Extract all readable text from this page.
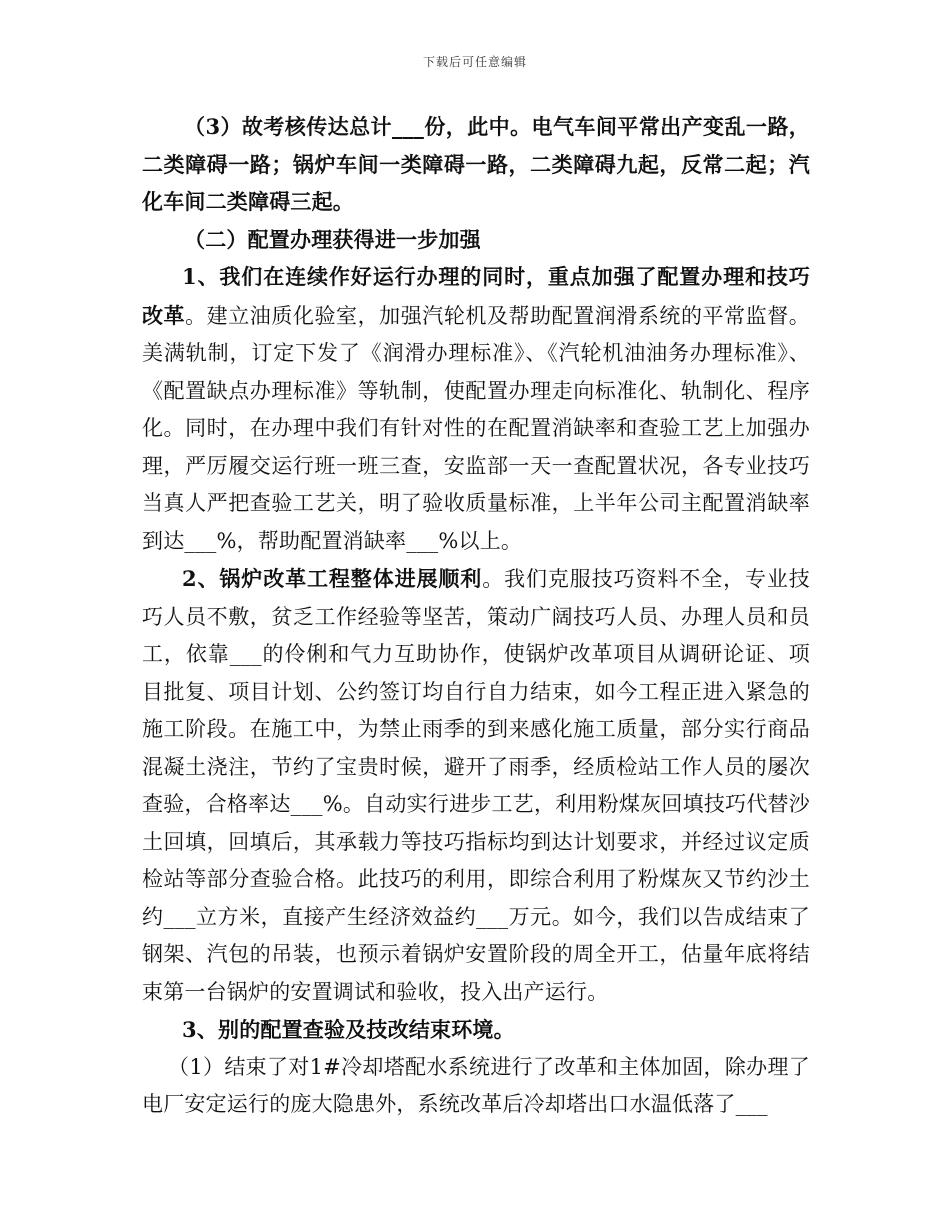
下载后可任意编辑

（3）故考核传达总计___份，此中。电气车间平常出产变乱一路，二类障碍一路；锅炉车间一类障碍一路，二类障碍九起，反常二起；汽化车间二类障碍三起。

（二）配置办理获得进一步加强

1、我们在连续作好运行办理的同时，重点加强了配置办理和技巧改革。建立油质化验室，加强汽轮机及帮助配置润滑系统的平常监督。美满轨制，订定下发了《润滑办理标准》、《汽轮机油油务办理标准》、《配置缺点办理标准》等轨制，使配置办理走向标准化、轨制化、程序化。同时，在办理中我们有针对性的在配置消缺率和查验工艺上加强办理，严厉履交运行班一班三查，安监部一天一查配置状况，各专业技巧当真人严把查验工艺关，明了验收质量标准，上半年公司主配置消缺率到达___%，帮助配置消缺率___%以上。

2、锅炉改革工程整体进展顺利。我们克服技巧资料不全，专业技巧人员不敷，贫乏工作经验等坚苦，策动广阔技巧人员、办理人员和员工，依靠___的伶俐和气力互助协作，使锅炉改革项目从调研论证、项目批复、项目计划、公约签订均自行自力结束，如今工程正进入紧急的施工阶段。在施工中，为禁止雨季的到来感化施工质量，部分实行商品混凝土浇注，节约了宝贵时候，避开了雨季，经质检站工作人员的屡次查验，合格率达___%。自动实行进步工艺，利用粉煤灰回填技巧代替沙土回填，回填后，其承载力等技巧指标均到达计划要求，并经过议定质检站等部分查验合格。此技巧的利用，即综合利用了粉煤灰又节约沙土约___立方米，直接产生经济效益约___万元。如今，我们以告成结束了钢架、汽包的吊装，也预示着锅炉安置阶段的周全开工，估量年底将结束第一台锅炉的安置调试和验收，投入出产运行。

3、别的配置查验及技改结束环境。

（1）结束了对1#冷却塔配水系统进行了改革和主体加固，除办理了电厂安定运行的庞大隐患外，系统改革后冷却塔出口水温低落了___
